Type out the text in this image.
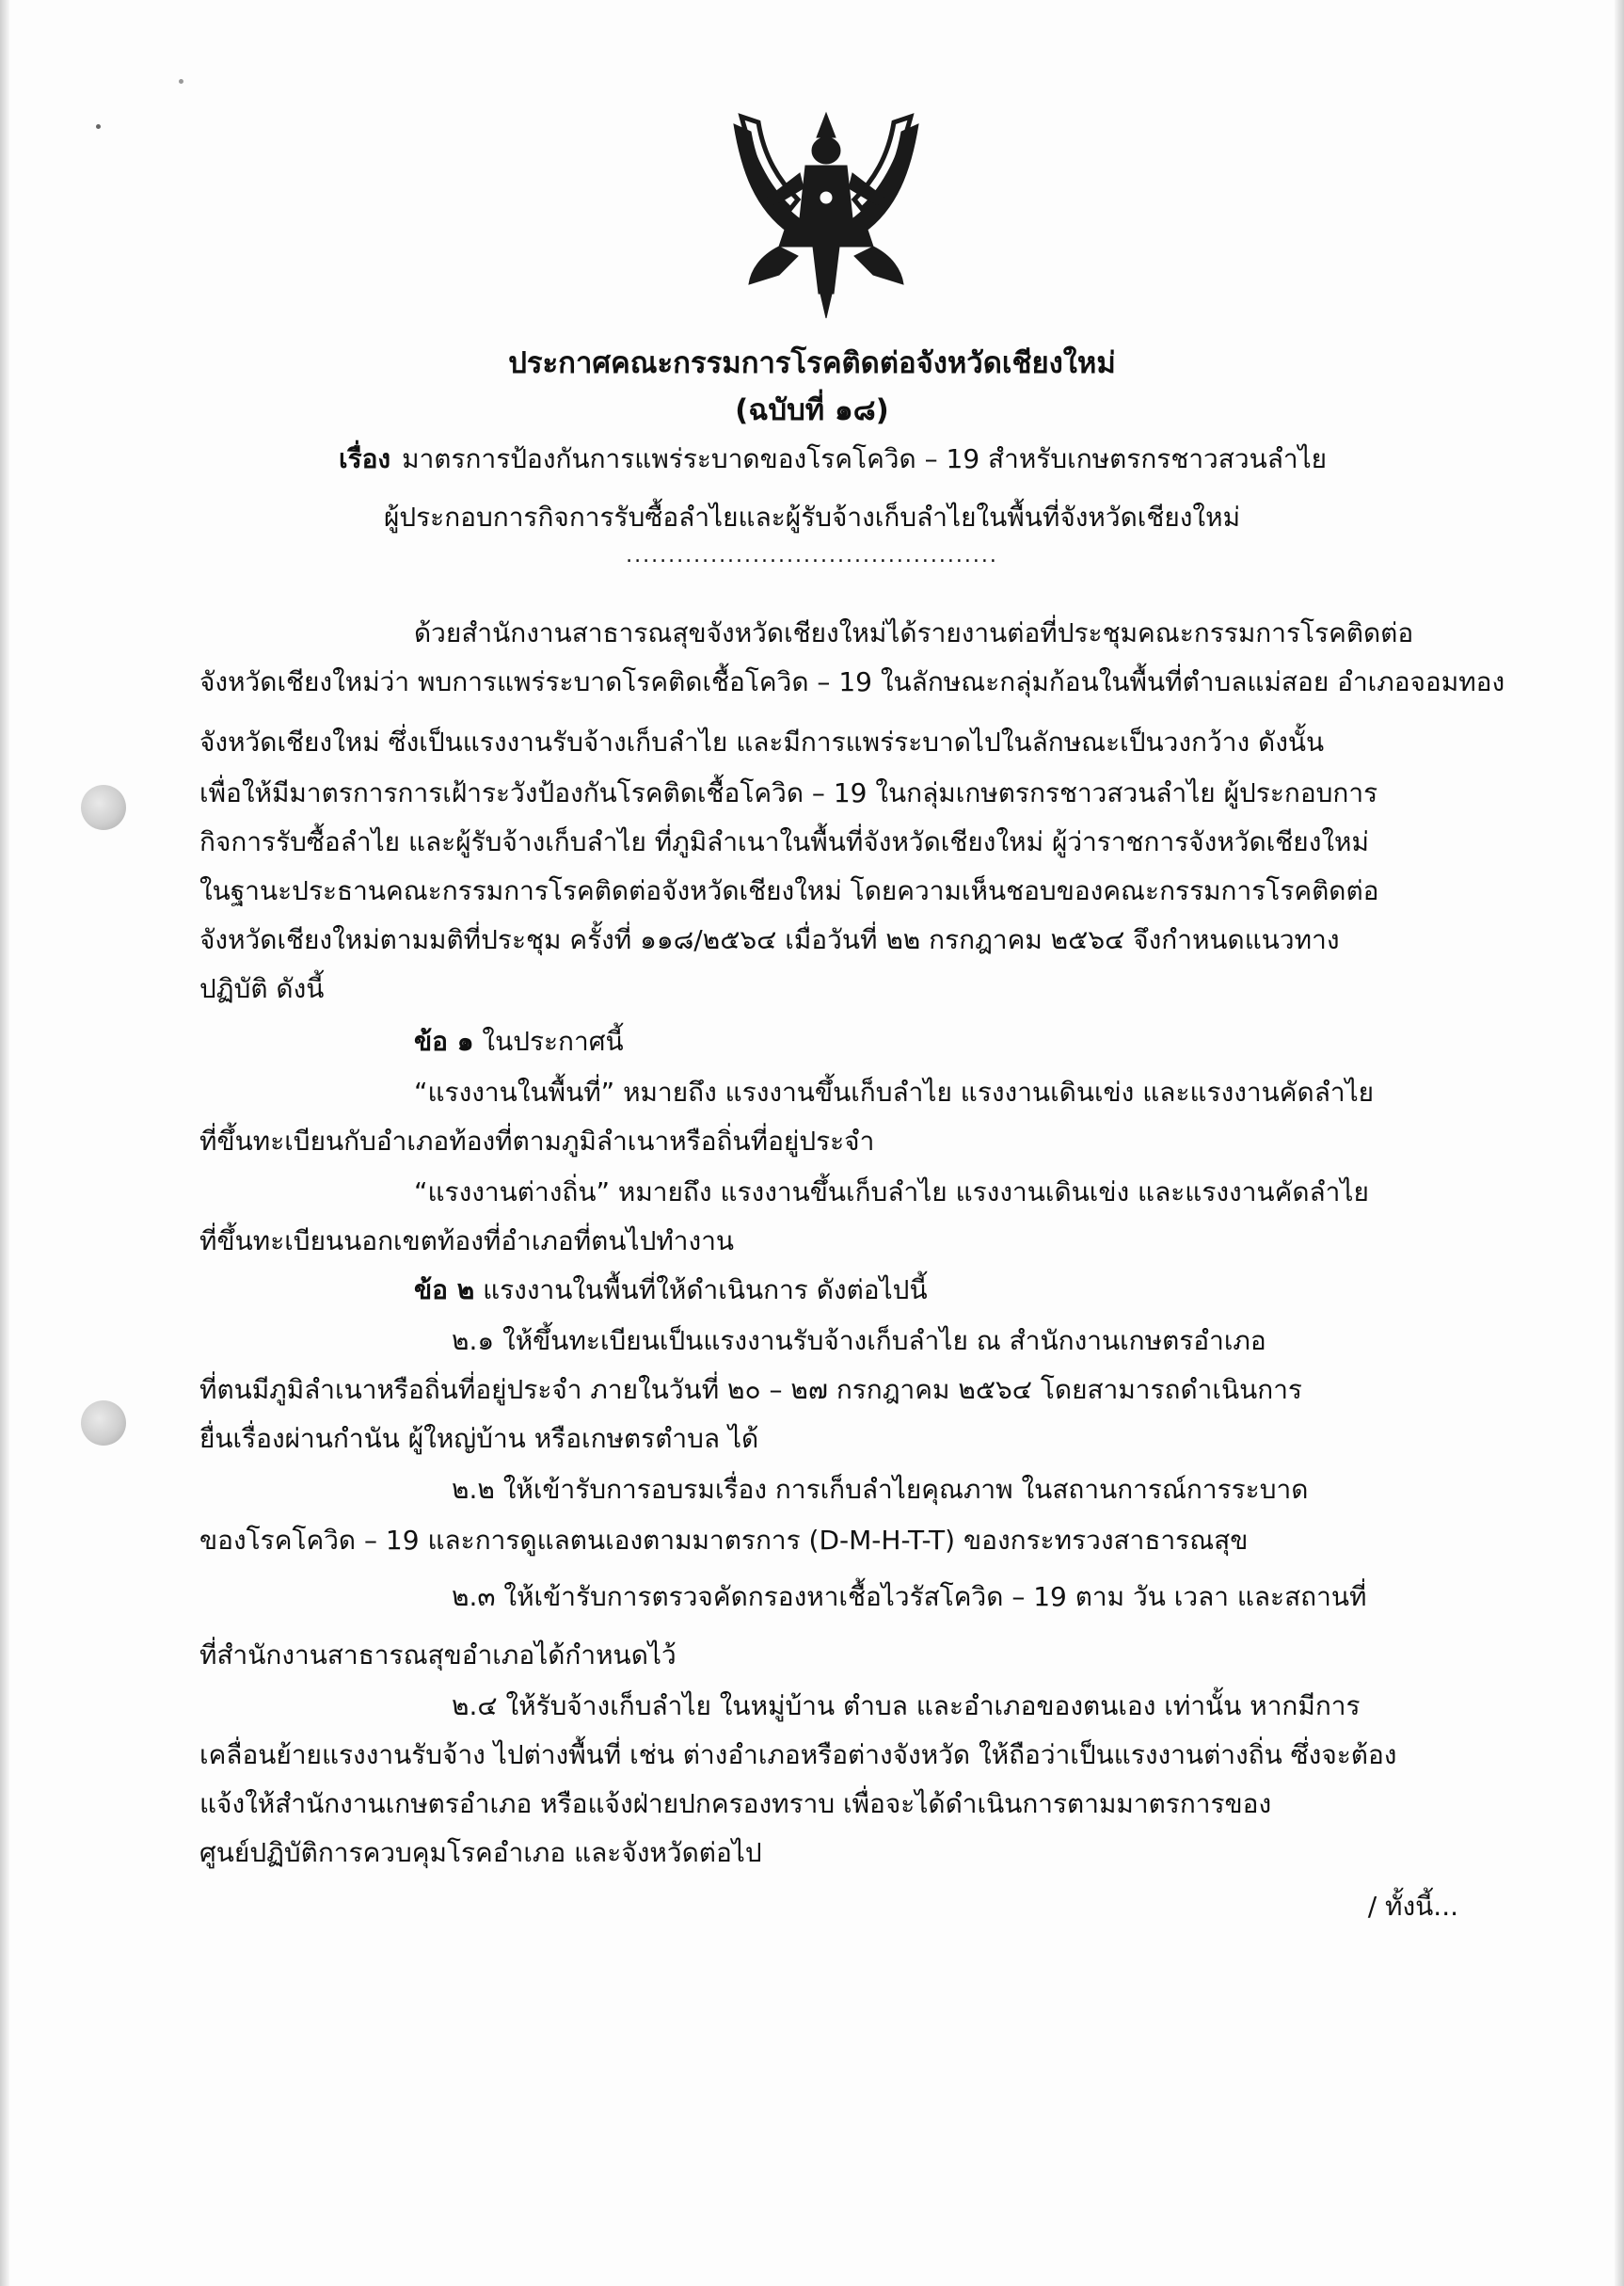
ประกาศคณะกรรมการโรคติดต่อจังหวัดเชียงใหม่
(ฉบับที่ ๑๘)
เรื่อง มาตรการป้องกันการแพร่ระบาดของโรคโควิด – 19 สำหรับเกษตรกรชาวสวนลำไย
ผู้ประกอบการกิจการรับซื้อลำไยและผู้รับจ้างเก็บลำไยในพื้นที่จังหวัดเชียงใหม่
............................................
ด้วยสำนักงานสาธารณสุขจังหวัดเชียงใหม่ได้รายงานต่อที่ประชุมคณะกรรมการโรคติดต่อ
จังหวัดเชียงใหม่ว่า พบการแพร่ระบาดโรคติดเชื้อโควิด – 19 ในลักษณะกลุ่มก้อนในพื้นที่ตำบลแม่สอย อำเภอจอมทอง
จังหวัดเชียงใหม่ ซึ่งเป็นแรงงานรับจ้างเก็บลำไย และมีการแพร่ระบาดไปในลักษณะเป็นวงกว้าง ดังนั้น
เพื่อให้มีมาตรการการเฝ้าระวังป้องกันโรคติดเชื้อโควิด – 19 ในกลุ่มเกษตรกรชาวสวนลำไย ผู้ประกอบการ
กิจการรับซื้อลำไย และผู้รับจ้างเก็บลำไย ที่ภูมิลำเนาในพื้นที่จังหวัดเชียงใหม่ ผู้ว่าราชการจังหวัดเชียงใหม่
ในฐานะประธานคณะกรรมการโรคติดต่อจังหวัดเชียงใหม่ โดยความเห็นชอบของคณะกรรมการโรคติดต่อ
จังหวัดเชียงใหม่ตามมติที่ประชุม ครั้งที่ ๑๑๘/๒๕๖๔ เมื่อวันที่ ๒๒ กรกฎาคม ๒๕๖๔ จึงกำหนดแนวทาง
ปฏิบัติ ดังนี้
ข้อ ๑ ในประกาศนี้
“แรงงานในพื้นที่” หมายถึง แรงงานขึ้นเก็บลำไย แรงงานเดินเข่ง และแรงงานคัดลำไย
ที่ขึ้นทะเบียนกับอำเภอท้องที่ตามภูมิลำเนาหรือถิ่นที่อยู่ประจำ
“แรงงานต่างถิ่น” หมายถึง แรงงานขึ้นเก็บลำไย แรงงานเดินเข่ง และแรงงานคัดลำไย
ที่ขึ้นทะเบียนนอกเขตท้องที่อำเภอที่ตนไปทำงาน
ข้อ ๒ แรงงานในพื้นที่ให้ดำเนินการ ดังต่อไปนี้
๒.๑ ให้ขึ้นทะเบียนเป็นแรงงานรับจ้างเก็บลำไย ณ สำนักงานเกษตรอำเภอ
ที่ตนมีภูมิลำเนาหรือถิ่นที่อยู่ประจำ ภายในวันที่ ๒๐ – ๒๗ กรกฎาคม ๒๕๖๔ โดยสามารถดำเนินการ
ยื่นเรื่องผ่านกำนัน ผู้ใหญ่บ้าน หรือเกษตรตำบล ได้
๒.๒ ให้เข้ารับการอบรมเรื่อง การเก็บลำไยคุณภาพ ในสถานการณ์การระบาด
ของโรคโควิด – 19 และการดูแลตนเองตามมาตรการ (D-M-H-T-T) ของกระทรวงสาธารณสุข
๒.๓ ให้เข้ารับการตรวจคัดกรองหาเชื้อไวรัสโควิด – 19 ตาม วัน เวลา และสถานที่
ที่สำนักงานสาธารณสุขอำเภอได้กำหนดไว้
๒.๔ ให้รับจ้างเก็บลำไย ในหมู่บ้าน ตำบล และอำเภอของตนเอง เท่านั้น หากมีการ
เคลื่อนย้ายแรงงานรับจ้าง ไปต่างพื้นที่ เช่น ต่างอำเภอหรือต่างจังหวัด ให้ถือว่าเป็นแรงงานต่างถิ่น ซึ่งจะต้อง
แจ้งให้สำนักงานเกษตรอำเภอ หรือแจ้งฝ่ายปกครองทราบ เพื่อจะได้ดำเนินการตามมาตรการของ
ศูนย์ปฏิบัติการควบคุมโรคอำเภอ และจังหวัดต่อไป
/ ทั้งนี้...
